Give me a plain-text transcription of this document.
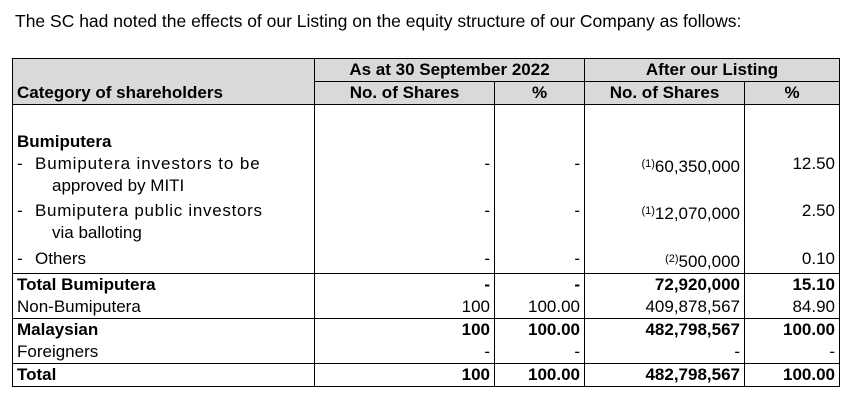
The SC had noted the effects of our Listing on the equity structure of our Company as follows:
	As at 30 September 2022		After our Listing	
Category of shareholders	No. of Shares	%	No. of Shares	%

Bumiputera				

- Bumiputera investors to be
approved by MITI	-	-	$^{(1)}$60,350,000	12.50

- Bumiputera public investors
via balloting	-	-	$^{(1)}$12,070,000	2.50
- Others	-	-	$^{(2)}$500,000	0.10
Total Bumiputera	-	-	72,920,000	15.10
Non-Bumiputera	100	100.00	409,878,567	84.90
Malaysian	100	100.00	482,798,567	100.00
Foreigners	-	-	-	-
Total	100	100.00	482,798,567	100.00
